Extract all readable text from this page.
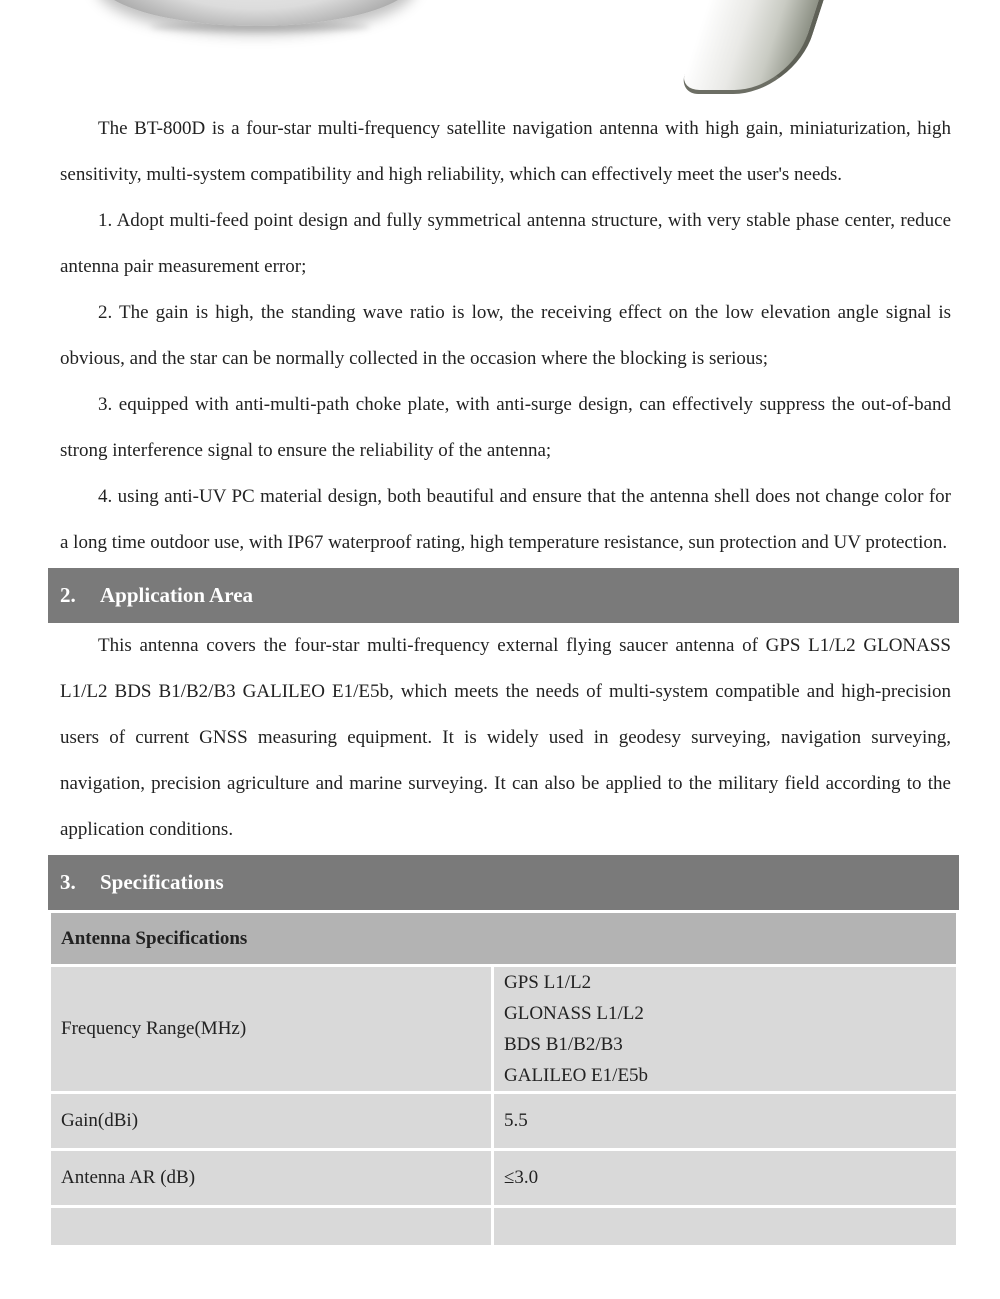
The BT-800D is a four-star multi-frequency satellite navigation antenna with high gain, miniaturization, high sensitivity, multi-system compatibility and high reliability, which can effectively meet the user's needs.

1. Adopt multi-feed point design and fully symmetrical antenna structure, with very stable phase center, reduce antenna pair measurement error;

2. The gain is high, the standing wave ratio is low, the receiving effect on the low elevation angle signal is obvious, and the star can be normally collected in the occasion where the blocking is serious;

3. equipped with anti-multi-path choke plate, with anti-surge design, can effectively suppress the out-of-band strong interference signal to ensure the reliability of the antenna;

4. using anti-UV PC material design, both beautiful and ensure that the antenna shell does not change color for a long time outdoor use, with IP67 waterproof rating, high temperature resistance, sun protection and UV protection.

2. Application Area

This antenna covers the four-star multi-frequency external flying saucer antenna of GPS L1/L2 GLONASS L1/L2 BDS B1/B2/B3 GALILEO E1/E5b, which meets the needs of multi-system compatible and high-precision users of current GNSS measuring equipment. It is widely used in geodesy surveying, navigation surveying, navigation, precision agriculture and marine surveying. It can also be applied to the military field according to the application conditions.

3. Specifications
Antenna Specifications	
Frequency Range(MHz)	GPS L1/L2
GLONASS L1/L2
BDS B1/B2/B3
GALILEO E1/E5b

Gain(dBi)	5.5
Antenna AR (dB)	≤3.0
